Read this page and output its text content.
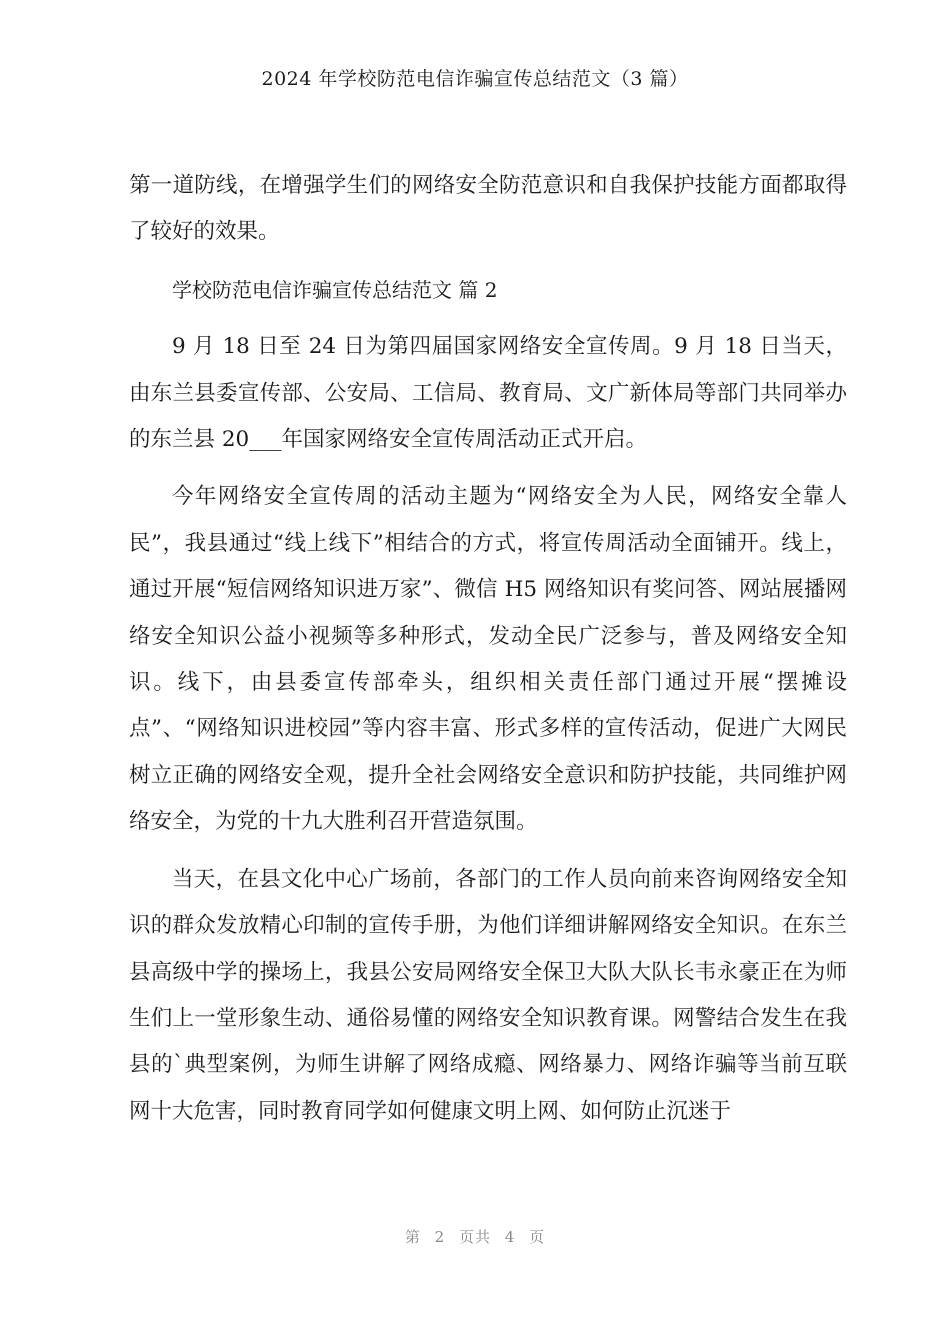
2024 年学校防范电信诈骗宣传总结范文（3 篇）

第一道防线，在增强学生们的网络安全防范意识和自我保护技能方面都取得了较好的效果。

学校防范电信诈骗宣传总结范文 篇 2

9 月 18 日至 24 日为第四届国家网络安全宣传周。9 月 18 日当天，由东兰县委宣传部、公安局、工信局、教育局、文广新体局等部门共同举办的东兰县 20___年国家网络安全宣传周活动正式开启。

今年网络安全宣传周的活动主题为“网络安全为人民，网络安全靠人民”，我县通过“线上线下”相结合的方式，将宣传周活动全面铺开。线上，通过开展“短信网络知识进万家”、微信 H5 网络知识有奖问答、网站展播网络安全知识公益小视频等多种形式，发动全民广泛参与，普及网络安全知识。线下，由县委宣传部牵头，组织相关责任部门通过开展“摆摊设点”、“网络知识进校园”等内容丰富、形式多样的宣传活动，促进广大网民树立正确的网络安全观，提升全社会网络安全意识和防护技能，共同维护网络安全，为党的十九大胜利召开营造氛围。

当天，在县文化中心广场前，各部门的工作人员向前来咨询网络安全知识的群众发放精心印制的宣传手册，为他们详细讲解网络安全知识。在东兰县高级中学的操场上，我县公安局网络安全保卫大队大队长韦永豪正在为师生们上一堂形象生动、通俗易懂的网络安全知识教育课。网警结合发生在我县的`典型案例，为师生讲解了网络成瘾、网络暴力、网络诈骗等当前互联网十大危害，同时教育同学如何健康文明上网、如何防止沉迷于

第 2 页共 4 页
